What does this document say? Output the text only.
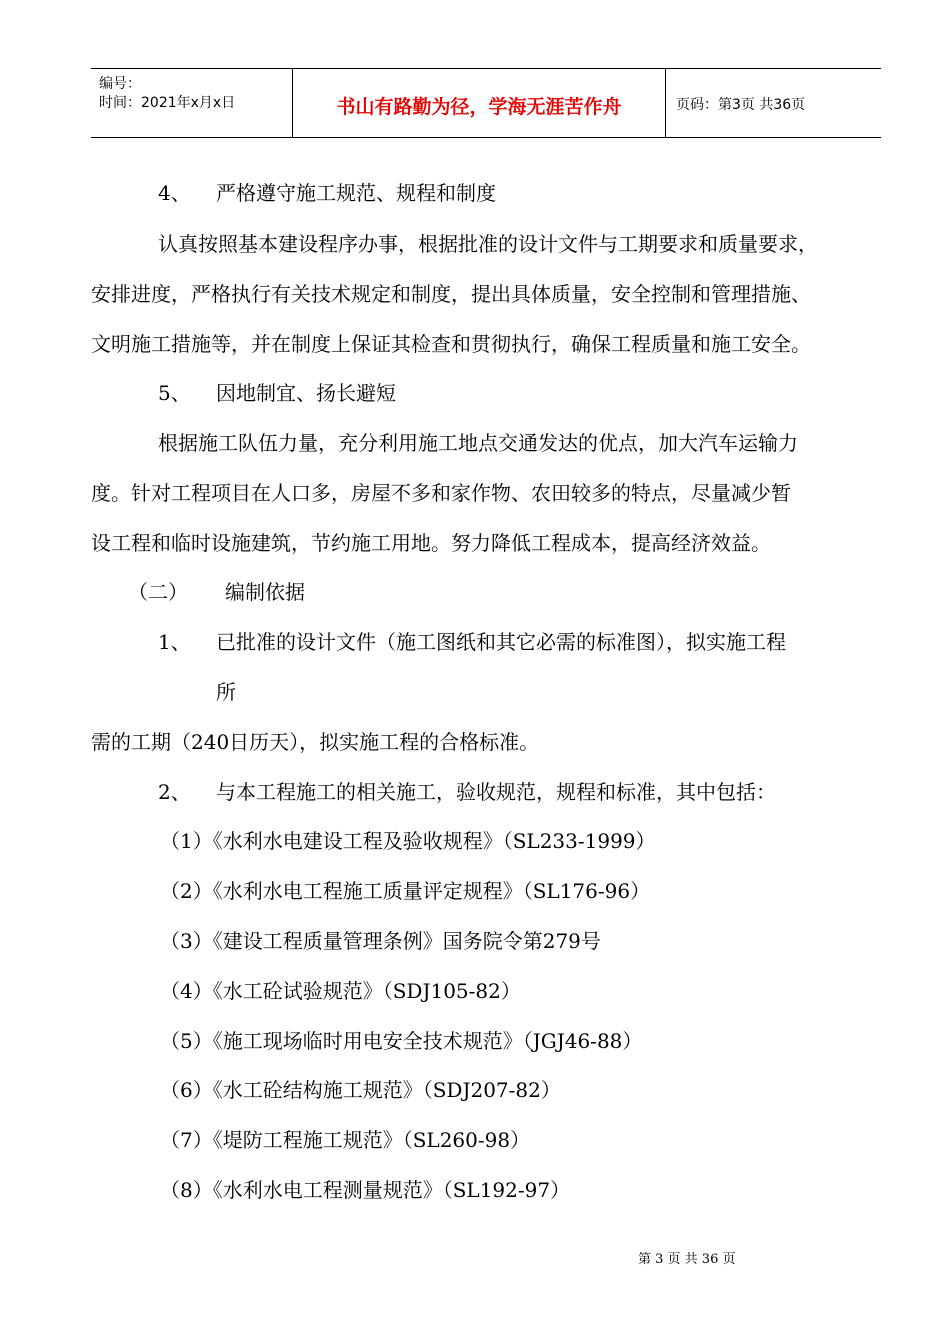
编号：
时间：2021年x月x日	书山有路勤为径，学海无涯苦作舟	页码：第3页 共36页
4、 严格遵守施工规范、规程和制度
认真按照基本建设程序办事，根据批准的设计文件与工期要求和质量要求，
安排进度，严格执行有关技术规定和制度，提出具体质量，安全控制和管理措施、
文明施工措施等，并在制度上保证其检查和贯彻执行，确保工程质量和施工安全。
5、 因地制宜、扬长避短
根据施工队伍力量，充分利用施工地点交通发达的优点，加大汽车运输力
度。针对工程项目在人口多，房屋不多和家作物、农田较多的特点，尽量减少暂
设工程和临时设施建筑，节约施工用地。努力降低工程成本，提高经济效益。
（二） 编制依据
1、 已批准的设计文件（施工图纸和其它必需的标准图），拟实施工程
所
需的工期（240日历天），拟实施工程的合格标准。
2、 与本工程施工的相关施工，验收规范，规程和标准，其中包括：
（1）《水利水电建设工程及验收规程》（SL233-1999）
（2）《水利水电工程施工质量评定规程》（SL176-96）
（3）《建设工程质量管理条例》国务院令第279号
（4）《水工砼试验规范》（SDJ105-82）
（5）《施工现场临时用电安全技术规范》（JGJ46-88）
（6）《水工砼结构施工规范》（SDJ207-82）
（7）《堤防工程施工规范》（SL260-98）
（8）《水利水电工程测量规范》（SL192-97）
第 3 页 共 36 页
